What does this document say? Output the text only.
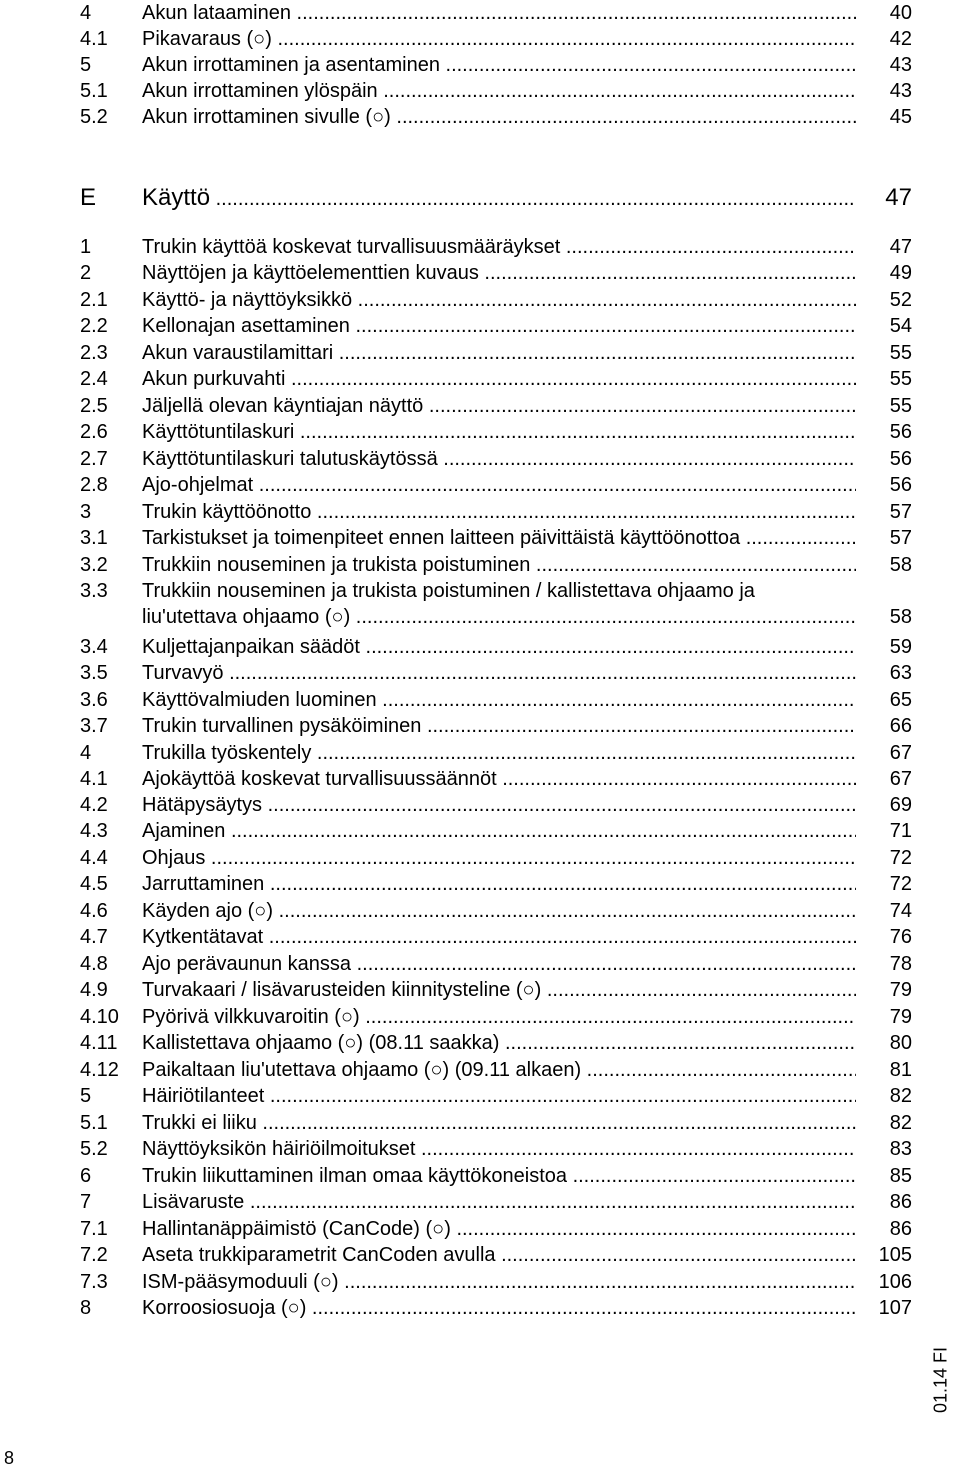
4	Akun lataaminen .....	40
4.1	Pikavaraus (○) .....	42
5	Akun irrottaminen ja asentaminen .....	43
5.1	Akun irrottaminen ylöspäin .....	43
5.2	Akun irrottaminen sivulle (○) .....	45
E	Käyttö .....	47
1	Trukin käyttöä koskevat turvallisuusmääräykset .....	47
2	Näyttöjen ja käyttöelementtien kuvaus .....	49
2.1	Käyttö- ja näyttöyksikkö .....	52
2.2	Kellonajan asettaminen .....	54
2.3	Akun varaustilamittari .....	55
2.4	Akun purkuvahti .....	55
2.5	Jäljellä olevan käyntiajan näyttö .....	55
2.6	Käyttötuntilaskuri .....	56
2.7	Käyttötuntilaskuri talutuskäytössä .....	56
2.8	Ajo-ohjelmat .....	56
3	Trukin käyttöönotto .....	57
3.1	Tarkistukset ja toimenpiteet ennen laitteen päivittäistä käyttöönottoa .....	57
3.2	Trukkiin nouseminen ja trukista poistuminen .....	58
3.3	Trukkiin nouseminen ja trukista poistuminen / kallistettava ohjaamo ja
liu'utettava ohjaamo (○) .....	58
3.4	Kuljettajanpaikan säädöt .....	59
3.5	Turvavyö .....	63
3.6	Käyttövalmiuden luominen .....	65
3.7	Trukin turvallinen pysäköiminen .....	66
4	Trukilla työskentely .....	67
4.1	Ajokäyttöä koskevat turvallisuussäännöt .....	67
4.2	Hätäpysäytys .....	69
4.3	Ajaminen .....	71
4.4	Ohjaus .....	72
4.5	Jarruttaminen .....	72
4.6	Käyden ajo (○) .....	74
4.7	Kytkentätavat .....	76
4.8	Ajo perävaunun kanssa .....	78
4.9	Turvakaari / lisävarusteiden kiinnitysteline (○) .....	79
4.10	Pyörivä vilkkuvaroitin (○) .....	79
4.11	Kallistettava ohjaamo (○) (08.11 saakka) .....	80
4.12	Paikaltaan liu'utettava ohjaamo (○) (09.11 alkaen) .....	81
5	Häiriötilanteet .....	82
5.1	Trukki ei liiku .....	82
5.2	Näyttöyksikön häiriöilmoitukset .....	83
6	Trukin liikuttaminen ilman omaa käyttökoneistoa .....	85
7	Lisävaruste .....	86
7.1	Hallintanäppäimistö (CanCode) (○) .....	86
7.2	Aseta trukkiparametrit CanCoden avulla .....	105
7.3	ISM-pääsymoduuli (○) .....	106
8	Korroosiosuoja (○) .....	107
01.14 FI
8
